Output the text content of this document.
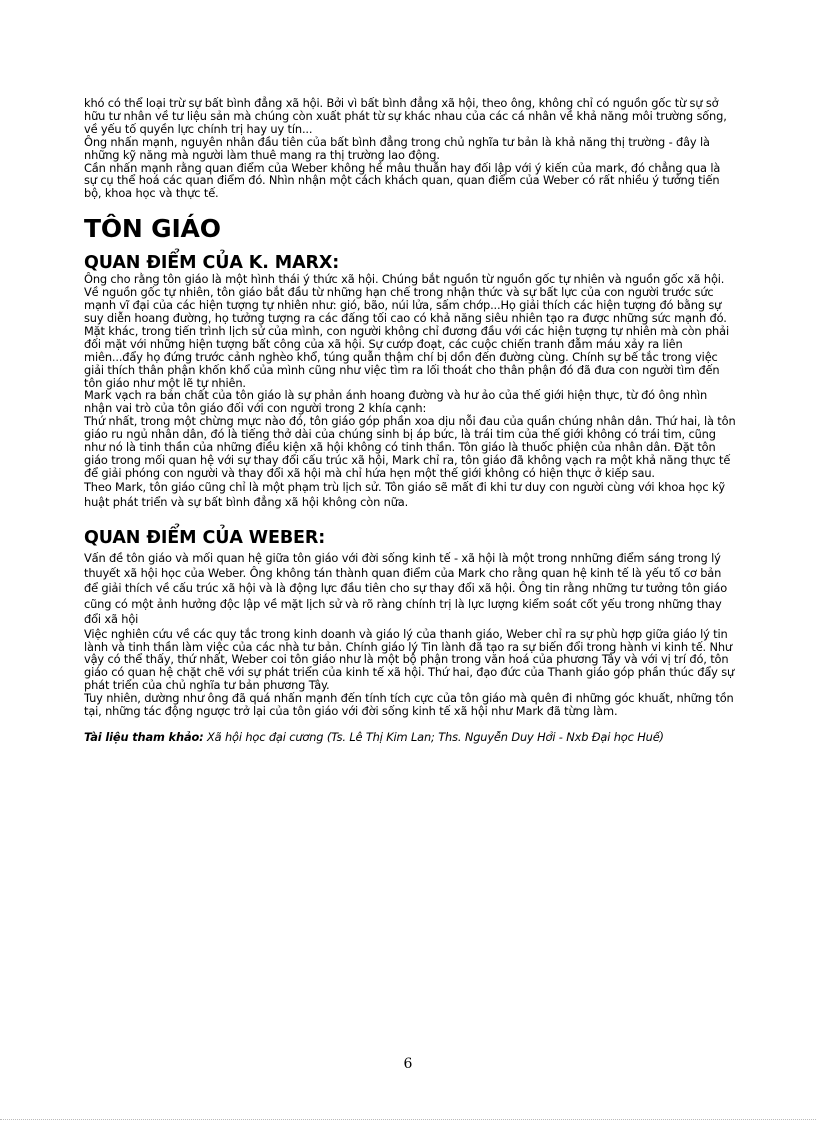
khó có thể loại trừ sự bất bình đẳng xã hội. Bởi vì bất bình đẳng xã hội, theo ông, không chỉ có nguồn gốc từ sự sở hữu tư nhân về tư liệu sản mà chúng còn xuất phát từ sự khác nhau của các cá nhân về khả năng môi trường sống, về yếu tố quyền lực chính trị hay uy tín...

Ông nhấn mạnh, nguyên nhân đầu tiên của bất bình đẳng trong chủ nghĩa tư bản là khả năng thị trường - đây là những kỹ năng mà người làm thuê mang ra thị trường lao động.

Cần nhấn mạnh rằng quan điểm của Weber không hề mâu thuẫn hay đối lập với ý kiến của mark, đó chẳng qua là sự cụ thể hoá các quan điểm đó. Nhìn nhận một cách khách quan, quan điểm của Weber có rất nhiều ý tưởng tiến bộ, khoa học và thực tế.

TÔN GIÁO
QUAN ĐIỂM CỦA K. MARX:

Ông cho rằng tôn giáo là một hình thái ý thức xã hội. Chúng bắt nguồn từ nguồn gốc tự nhiên và nguồn gốc xã hội.

Về nguồn gốc tự nhiên, tôn giáo bắt đầu từ những hạn chế trong nhận thức và sự bất lực của con người trước sức mạnh vĩ đại của các hiện tượng tự nhiên như: gió, bão, núi lửa, sấm chớp...Họ giải thích các hiện tượng đó bằng sự suy diễn hoang đường, họ tưởng tượng ra các đấng tối cao có khả năng siêu nhiên tạo ra được những sức mạnh đó.

Mặt khác, trong tiến trình lịch sử của mình, con người không chỉ đương đầu với các hiện tượng tự nhiên mà còn phải đối mặt với những hiện tượng bất công của xã hội. Sự cướp đoạt, các cuộc chiến tranh đẫm máu xảy ra liên miên...đẩy họ đứng trước cảnh nghèo khổ, túng quẫn thậm chí bị dồn đến đường cùng. Chính sự bế tắc trong việc giải thích thân phận khốn khổ của mình cũng như việc tìm ra lối thoát cho thân phận đó đã đưa con người tìm đến tôn giáo như một lẽ tự nhiên.

Mark vạch ra bản chất của tôn giáo là sự phản ánh hoang đường và hư ảo của thế giới hiện thực, từ đó ông nhìn nhận vai trò của tôn giáo đối với con người trong 2 khía cạnh:

Thứ nhất, trong một chừng mực nào đó, tôn giáo góp phần xoa dịu nỗi đau của quần chúng nhân dân. Thứ hai, là tôn giáo ru ngủ nhân dân, đó là tiếng thở dài của chúng sinh bị áp bức, là trái tim của thế giới không có trái tim, cũng như nó là tinh thần của những điều kiện xã hội không có tinh thần. Tôn giáo là thuốc phiện của nhân dân. Đặt tôn giáo trong mối quan hệ với sự thay đổi cấu trúc xã hội, Mark chỉ ra, tôn giáo đã không vạch ra một khả năng thực tế để giải phóng con người và thay đổi xã hội mà chỉ hứa hẹn một thế giới không có hiện thực ở kiếp sau.

Theo Mark, tôn giáo cũng chỉ là một phạm trù lịch sử. Tôn giáo sẽ mất đi khi tư duy con người cùng với khoa học kỹ huật phát triển và sự bất bình đẳng xã hội không còn nữa.

QUAN ĐIỂM CỦA WEBER:

Vấn đề tôn giáo và mối quan hệ giữa tôn giáo với đời sống kinh tế - xã hội là một trong nnhững điểm sáng trong lý thuyết xã hội học của Weber. Ông không tán thành quan điểm của Mark cho rằng quan hệ kinh tế là yếu tố cơ bản để giải thích về cấu trúc xã hội và là động lực đầu tiên cho sự thay đổi xã hội. Ông tin rằng những tư tưởng tôn giáo cũng có một ảnh hưởng độc lập về mặt lịch sử và rõ ràng chính trị là lực lượng kiểm soát cốt yếu trong những thay đổi xã hội

Việc nghiên cứu về các quy tắc trong kinh doanh và giáo lý của thanh giáo, Weber chỉ ra sự phù hợp giữa giáo lý tin lành và tinh thần làm việc của các nhà tư bản. Chính giáo lý Tin lành đã tạo ra sự biến đổi trong hành vi kinh tế. Như vậy có thể thấy, thứ nhất, Weber coi tôn giáo như là một bộ phận trong văn hoá của phương Tây và với vị trí đó, tôn giáo có quan hệ chặt chẽ với sự phát triển của kinh tế xã hội. Thứ hai, đạo đức của Thanh giáo góp phần thúc đẩy sự phát triển của chủ nghĩa tư bản phương Tây.

Tuy nhiên, dường như ông đã quá nhấn mạnh đến tính tích cực của tôn giáo mà quên đi những góc khuất, những tồn tại, những tác động ngược trở lại của tôn giáo với đời sống kinh tế xã hội như Mark đã từng làm.

Tài liệu tham khảo: Xã hội học đại cương (Ts. Lê Thị Kim Lan; Ths. Nguyễn Duy Hởi - Nxb Đại học Huế)
6
